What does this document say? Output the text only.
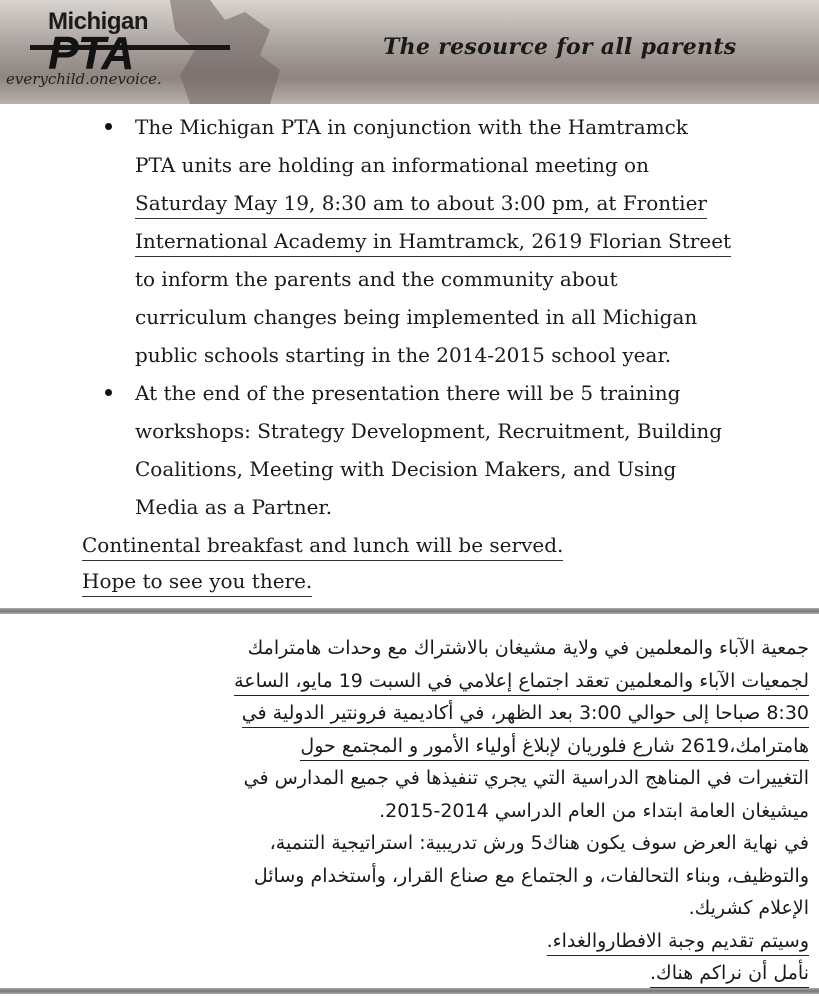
Michigan
PTA
everychild.onevoice.
The resource for all parents
The Michigan PTA in conjunction with the Hamtramck
PTA units are holding an informational meeting on
Saturday May 19, 8:30 am to about 3:00 pm, at Frontier
International Academy in Hamtramck, 2619 Florian Street
to inform the parents and the community about
curriculum changes being implemented in all Michigan
public schools starting in the 2014-2015 school year.
At the end of the presentation there will be 5 training
workshops: Strategy Development, Recruitment, Building
Coalitions, Meeting with Decision Makers, and Using
Media as a Partner.
Continental breakfast and lunch will be served.
Hope to see you there.
جمعية الآباء والمعلمين في ولاية مشيغان بالاشتراك مع وحدات هامترامك
لجمعيات الآباء والمعلمين تعقد اجتماع إعلامي في السبت 19 مايو، الساعة
8:30 صباحا إلى حوالي 3:00 بعد الظهر، في أكاديمية فرونتير الدولية في
هامترامك،2619 شارع فلوريان لإبلاغ أولياء الأمور و المجتمع حول
التغييرات في المناهج الدراسية التي يجري تنفيذها في جميع المدارس في
ميشيغان العامة ابتداء من العام الدراسي 2014-2015.
في نهاية العرض سوف يكون هناك5 ورش تدريبية: استراتيجية التنمية،
والتوظيف، وبناء التحالفات، و الجتماع مع صناع القرار، وأستخدام وسائل
الإعلام كشريك.
وسيتم تقديم وجبة الافطاروالغداء.
نأمل أن نراكم هناك.
